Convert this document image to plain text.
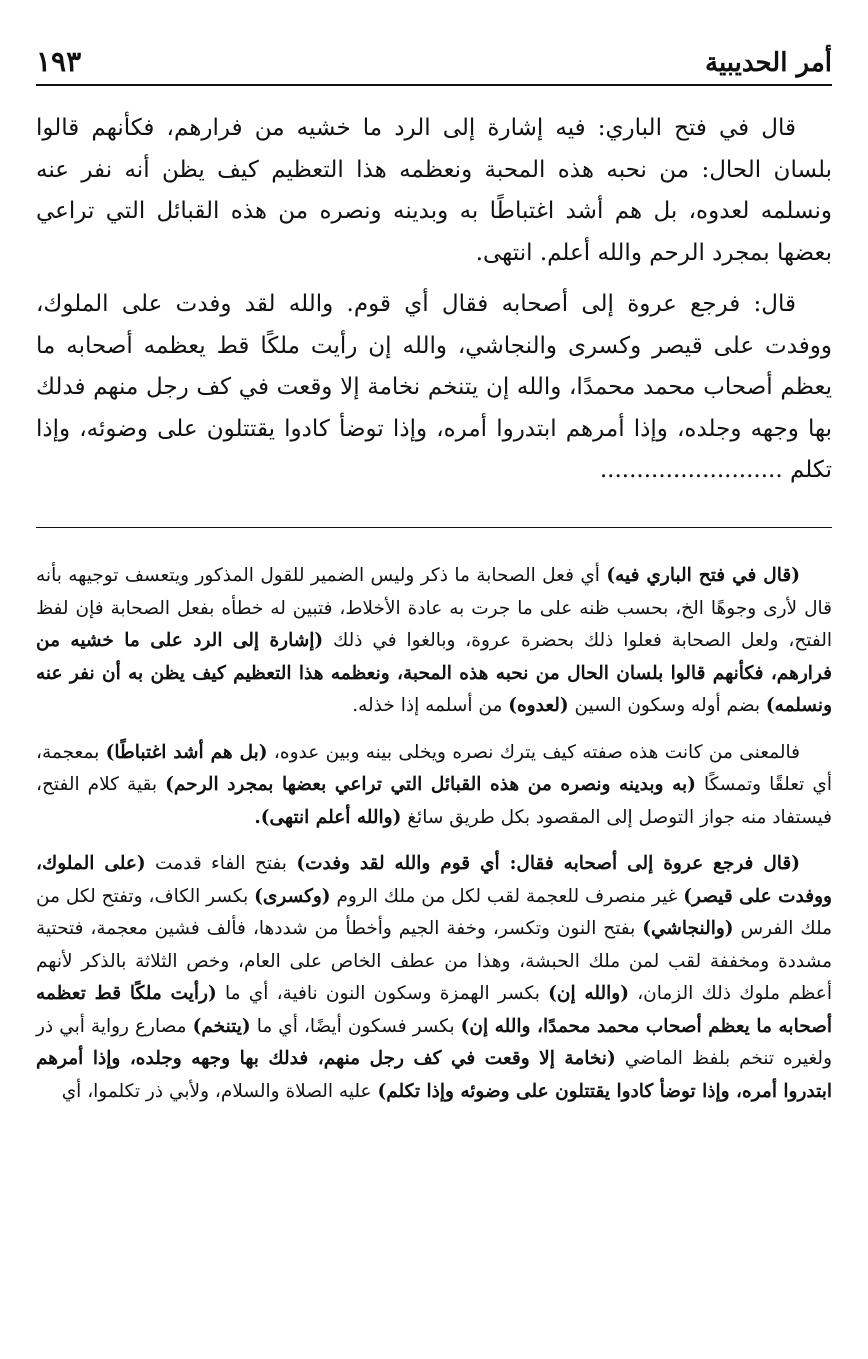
أمر الحديبية
١٩٣

قال في فتح الباري: فيه إشارة إلى الرد ما خشيه من فرارهم، فكأنهم قالوا بلسان الحال: من نحبه هذه المحبة ونعظمه هذا التعظيم كيف يظن أنه نفر عنه ونسلمه لعدوه، بل هم أشد اغتباطًا به وبدينه ونصره من هذه القبائل التي تراعي بعضها بمجرد الرحم والله أعلم. انتهى.

قال: فرجع عروة إلى أصحابه فقال أي قوم. والله لقد وفدت على الملوك، ووفدت على قيصر وكسرى والنجاشي، والله إن رأيت ملكًا قط يعظمه أصحابه ما يعظم أصحاب محمد محمدًا، والله إن يتنخم نخامة إلا وقعت في كف رجل منهم فدلك بها وجهه وجلده، وإذا أمرهم ابتدروا أمره، وإذا توضأ كادوا يقتتلون على وضوئه، وإذا تكلم .........................

(قال في فتح الباري فيه) أي فعل الصحابة ما ذكر وليس الضمير للقول المذكور ويتعسف توجيهه بأنه قال لأرى وجوهًا الخ، بحسب ظنه على ما جرت به عادة الأخلاط، فتبين له خطأه بفعل الصحابة فإن لفظ الفتح، ولعل الصحابة فعلوا ذلك بحضرة عروة، وبالغوا في ذلك (إشارة إلى الرد على ما خشيه من فرارهم، فكأنهم قالوا بلسان الحال من نحبه هذه المحبة، ونعظمه هذا التعظيم كيف يظن به أن نفر عنه ونسلمه) بضم أوله وسكون السين (لعدوه) من أسلمه إذا خذله.

فالمعنى من كانت هذه صفته كيف يترك نصره ويخلى بينه وبين عدوه، (بل هم أشد اغتباطًا) بمعجمة، أي تعلقًا وتمسكًا (به وبدينه ونصره من هذه القبائل التي تراعي بعضها بمجرد الرحم) بقية كلام الفتح، فيستفاد منه جواز التوصل إلى المقصود بكل طريق سائغ (والله أعلم انتهى).

(قال فرجع عروة إلى أصحابه فقال: أي قوم والله لقد وفدت) بفتح الفاء قدمت (على الملوك، ووفدت على قيصر) غير منصرف للعجمة لقب لكل من ملك الروم (وكسرى) بكسر الكاف، وتفتح لكل من ملك الفرس (والنجاشي) بفتح النون وتكسر، وخفة الجيم وأخطأ من شددها، فألف فشين معجمة، فتحتية مشددة ومخففة لقب لمن ملك الحبشة، وهذا من عطف الخاص على العام، وخص الثلاثة بالذكر لأنهم أعظم ملوك ذلك الزمان، (والله إن) بكسر الهمزة وسكون النون نافية، أي ما (رأيت ملكًا قط تعظمه أصحابه ما يعظم أصحاب محمد محمدًا، والله إن) بكسر فسكون أيضًا، أي ما (يتنخم) مصارع رواية أبي ذر ولغيره تنخم بلفظ الماضي (نخامة إلا وقعت في كف رجل منهم، فدلك بها وجهه وجلده، وإذا أمرهم ابتدروا أمره، وإذا توضأ كادوا يقتتلون على وضوئه وإذا تكلم) عليه الصلاة والسلام، ولأبي ذر تكلموا، أي
